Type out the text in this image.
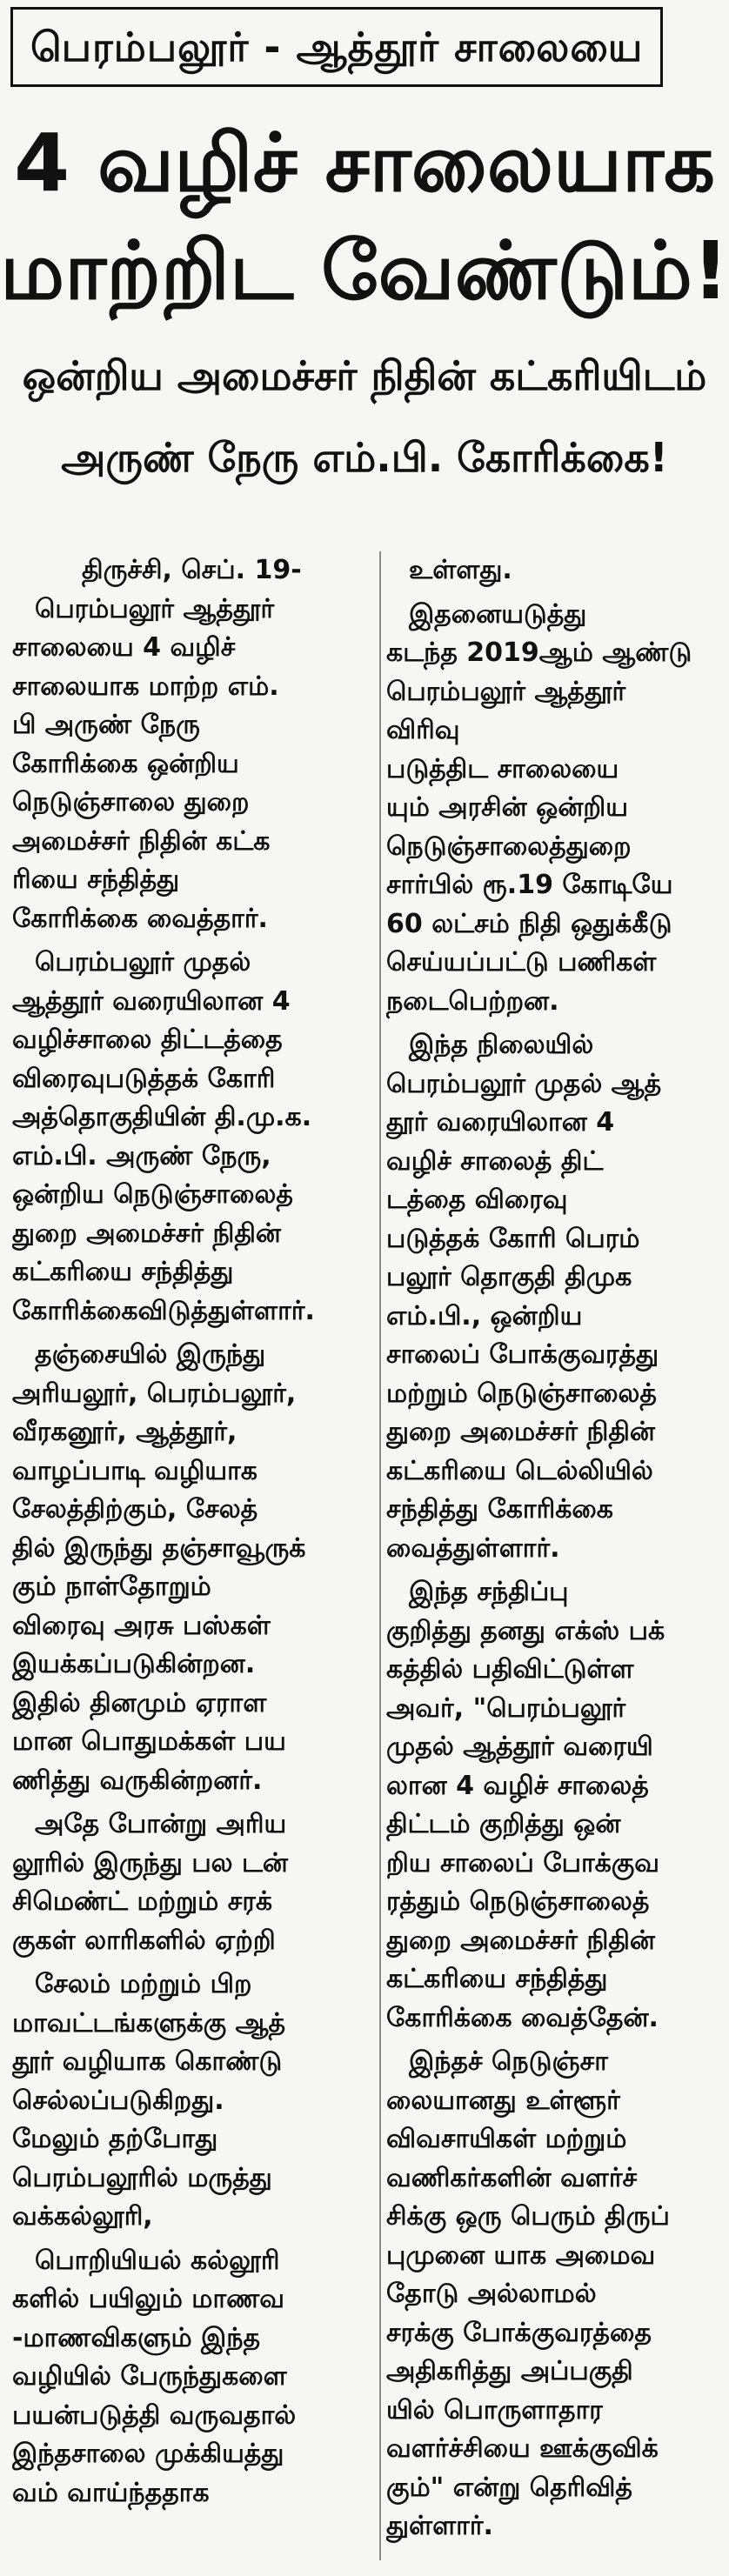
பெரம்பலூர் - ஆத்தூர் சாலையை
4 வழிச் சாலையாக
மாற்றிட வேண்டும்!
ஒன்றிய அமைச்சர் நிதின் கட்கரியிடம்
அருண் நேரு எம்.பி. கோரிக்கை!
திருச்சி, செப். 19-
பெரம்பலூர் ஆத்தூர்
சாலையை 4 வழிச்
சாலையாக மாற்ற எம்.
பி அருண் நேரு
கோரிக்கை ஒன்றிய
நெடுஞ்சாலை துறை
அமைச்சர் நிதின் கட்க
ரியை சந்தித்து
கோரிக்கை வைத்தார்.
பெரம்பலூர் முதல்
ஆத்தூர் வரையிலான 4
வழிச்சாலை திட்டத்தை
விரைவுபடுத்தக் கோரி
அத்தொகுதியின் தி.மு.க.
எம்.பி. அருண் நேரு,
ஒன்றிய நெடுஞ்சாலைத்
துறை அமைச்சர் நிதின்
கட்கரியை சந்தித்து
கோரிக்கைவிடுத்துள்ளார்.
தஞ்சையில் இருந்து
அரியலூர், பெரம்பலூர்,
வீரகனூர், ஆத்தூர்,
வாழப்பாடி வழியாக
சேலத்திற்கும், சேலத்
தில் இருந்து தஞ்சாவூருக்
கும் நாள்தோறும்
விரைவு அரசு பஸ்கள்
இயக்கப்படுகின்றன.
இதில் தினமும் ஏராள
மான பொதுமக்கள் பய
ணித்து வருகின்றனர்.
அதே போன்று அரிய
லூரில் இருந்து பல டன்
சிமெண்ட் மற்றும் சரக்
குகள் லாரிகளில் ஏற்றி
சேலம் மற்றும் பிற
மாவட்டங்களுக்கு ஆத்
தூர் வழியாக கொண்டு
செல்லப்படுகிறது.
மேலும் தற்போது
பெரம்பலூரில் மருத்து
வக்கல்லூரி,
பொறியியல் கல்லூரி
களில் பயிலும் மாணவ
-மாணவிகளும் இந்த
வழியில் பேருந்துகளை
பயன்படுத்தி வருவதால்
இந்தசாலை முக்கியத்து
வம் வாய்ந்ததாக
உள்ளது.
இதனையடுத்து
கடந்த 2019ஆம் ஆண்டு
பெரம்பலூர் ஆத்தூர்
விரிவு
படுத்திட சாலையை
யும் அரசின் ஒன்றிய
நெடுஞ்சாலைத்துறை
சார்பில் ரூ.19 கோடியே
60 லட்சம் நிதி ஒதுக்கீடு
செய்யப்பட்டு பணிகள்
நடைபெற்றன.
இந்த நிலையில்
பெரம்பலூர் முதல் ஆத்
தூர் வரையிலான 4
வழிச் சாலைத் திட்
டத்தை விரைவு
படுத்தக் கோரி பெரம்
பலூர் தொகுதி திமுக
எம்.பி., ஒன்றிய
சாலைப் போக்குவரத்து
மற்றும் நெடுஞ்சாலைத்
துறை அமைச்சர் நிதின்
கட்கரியை டெல்லியில்
சந்தித்து கோரிக்கை
வைத்துள்ளார்.
இந்த சந்திப்பு
குறித்து தனது எக்ஸ் பக்
கத்தில் பதிவிட்டுள்ள
அவர், "பெரம்பலூர்
முதல் ஆத்தூர் வரையி
லான 4 வழிச் சாலைத்
திட்டம் குறித்து ஒன்
றிய சாலைப் போக்குவ
ரத்தும் நெடுஞ்சாலைத்
துறை அமைச்சர் நிதின்
கட்கரியை சந்தித்து
கோரிக்கை வைத்தேன்.
இந்தச் நெடுஞ்சா
லையானது உள்ளூர்
விவசாயிகள் மற்றும்
வணிகர்களின் வளர்ச்
சிக்கு ஒரு பெரும் திருப்
புமுனை யாக அமைவ
தோடு அல்லாமல்
சரக்கு போக்குவரத்தை
அதிகரித்து அப்பகுதி
யில் பொருளாதார
வளர்ச்சியை ஊக்குவிக்
கும்" என்று தெரிவித்
துள்ளார்.
